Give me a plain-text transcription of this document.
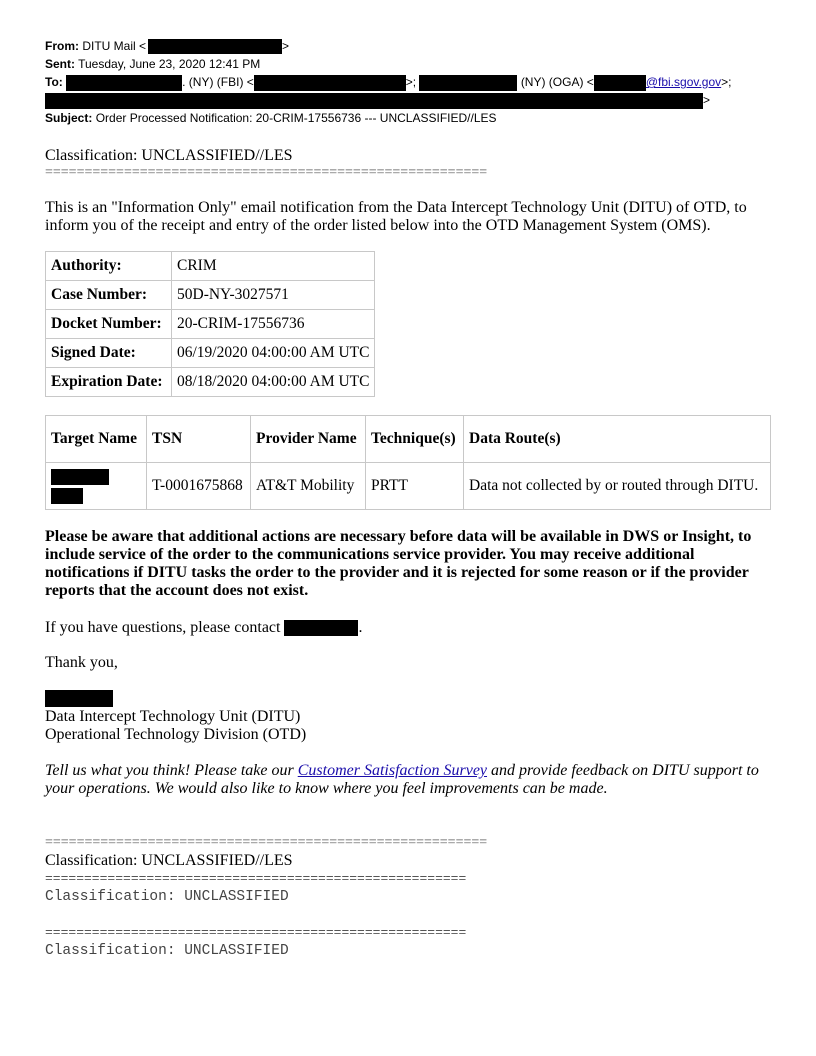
From: DITU Mail <	>
Sent: Tuesday, June 23, 2020 12:41 PM
To:	. (NY) (FBI) <	>;	(NY) (OGA) <	@fbi.sgov.gov>;
>
Subject: Order Processed Notification: 20-CRIM-17556736 --- UNCLASSIFIED//LES
Classification: UNCLASSIFIED//LES
========================================================
This is an "Information Only" email notification from the Data Intercept Technology Unit (DITU) of OTD, to inform you of the receipt and entry of the order listed below into the OTD Management System (OMS).
Authority:	CRIM
Case Number:	50D-NY-3027571
Docket Number:	20-CRIM-17556736
Signed Date:	06/19/2020 04:00:00 AM UTC
Expiration Date:	08/18/2020 04:00:00 AM UTC
Target Name	TSN	Provider Name	Technique(s)	Data Route(s)

	T-0001675868	AT&T Mobility	PRTT	Data not collected by or routed through DITU.
Please be aware that additional actions are necessary before data will be available in DWS or Insight, to include service of the order to the communications service provider. You may receive additional notifications if DITU tasks the order to the provider and it is rejected for some reason or if the provider reports that the account does not exist.
If you have questions, please contact	.
Thank you,
Data Intercept Technology Unit (DITU)
Operational Technology Division (OTD)
Tell us what you think! Please take our Customer Satisfaction Survey and provide feedback on DITU support to your operations. We would also like to know where you feel improvements can be made.
========================================================
Classification: UNCLASSIFIED//LES
======================================================
Classification: UNCLASSIFIED
======================================================
Classification: UNCLASSIFIED
